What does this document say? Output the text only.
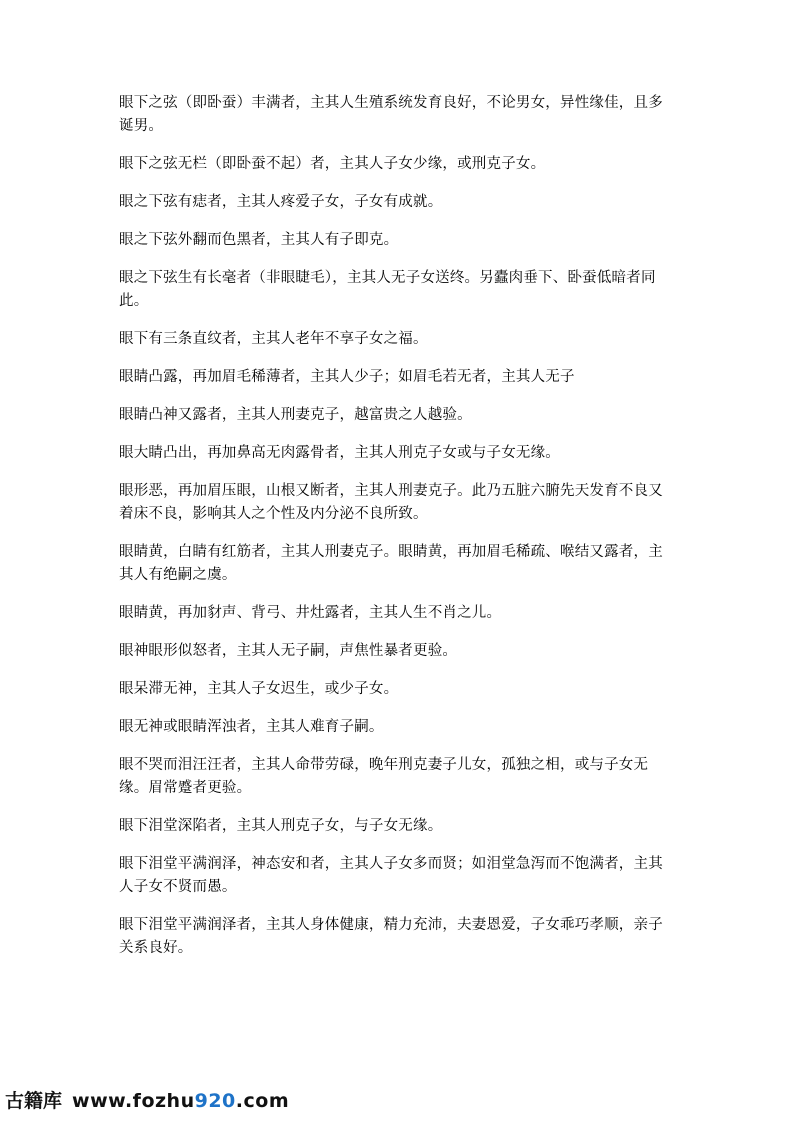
眼下之弦（即卧蚕）丰满者，主其人生殖系统发育良好，不论男女，异性缘佳，且多诞男。

眼下之弦无栏（即卧蚕不起）者，主其人子女少缘，或刑克子女。

眼之下弦有痣者，主其人疼爱子女，子女有成就。

眼之下弦外翻而色黑者，主其人有子即克。

眼之下弦生有长毫者（非眼睫毛），主其人无子女送终。另蠹肉垂下、卧蚕低暗者同此。

眼下有三条直纹者，主其人老年不享子女之福。

眼睛凸露，再加眉毛稀薄者，主其人少子；如眉毛若无者，主其人无子

眼睛凸神又露者，主其人刑妻克子，越富贵之人越验。

眼大睛凸出，再加鼻高无肉露骨者，主其人刑克子女或与子女无缘。

眼形恶，再加眉压眼，山根又断者，主其人刑妻克子。此乃五脏六腑先天发育不良又着床不良，影响其人之个性及内分泌不良所致。

眼睛黄，白睛有红筋者，主其人刑妻克子。眼睛黄，再加眉毛稀疏、喉结又露者，主其人有绝嗣之虞。

眼睛黄，再加豺声、背弓、井灶露者，主其人生不肖之儿。

眼神眼形似怒者，主其人无子嗣，声焦性暴者更验。

眼呆滞无神，主其人子女迟生，或少子女。

眼无神或眼睛浑浊者，主其人难育子嗣。

眼不哭而泪汪汪者，主其人命带劳碌，晚年刑克妻子儿女，孤独之相，或与子女无缘。眉常蹙者更验。

眼下泪堂深陷者，主其人刑克子女，与子女无缘。

眼下泪堂平满润泽，神态安和者，主其人子女多而贤；如泪堂急泻而不饱满者，主其人子女不贤而愚。

眼下泪堂平满润泽者，主其人身体健康，精力充沛，夫妻恩爱，子女乖巧孝顺，亲子关系良好。

古籍库 www.fozhu920.com
